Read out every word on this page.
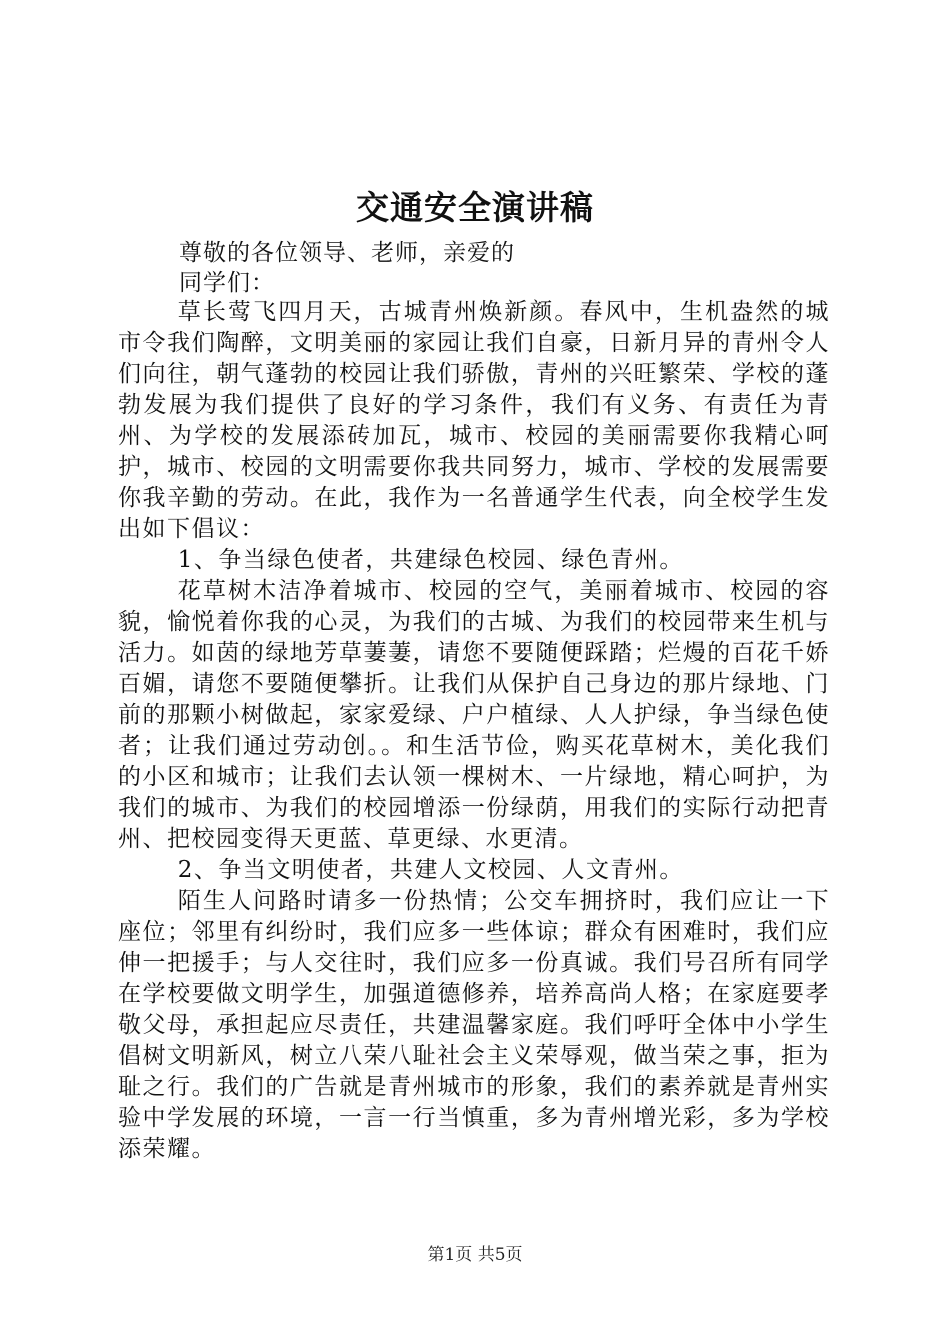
交通安全演讲稿
尊敬的各位领导、老师，亲爱的
同学们：

草长莺飞四月天，古城青州焕新颜。春风中，生机盎然的城市令我们陶醉，文明美丽的家园让我们自豪，日新月异的青州令人们向往，朝气蓬勃的校园让我们骄傲，青州的兴旺繁荣、学校的蓬勃发展为我们提供了良好的学习条件，我们有义务、有责任为青州、为学校的发展添砖加瓦，城市、校园的美丽需要你我精心呵护，城市、校园的文明需要你我共同努力，城市、学校的发展需要你我辛勤的劳动。在此，我作为一名普通学生代表，向全校学生发出如下倡议：

1、争当绿色使者，共建绿色校园、绿色青州。

花草树木洁净着城市、校园的空气，美丽着城市、校园的容貌，愉悦着你我的心灵，为我们的古城、为我们的校园带来生机与活力。如茵的绿地芳草萋萋，请您不要随便踩踏；烂熳的百花千娇百媚，请您不要随便攀折。让我们从保护自己身边的那片绿地、门前的那颗小树做起，家家爱绿、户户植绿、人人护绿，争当绿色使者；让我们通过劳动创。。和生活节俭，购买花草树木，美化我们的小区和城市；让我们去认领一棵树木、一片绿地，精心呵护，为我们的城市、为我们的校园增添一份绿荫，用我们的实际行动把青州、把校园变得天更蓝、草更绿、水更清。

2、争当文明使者，共建人文校园、人文青州。

陌生人问路时请多一份热情；公交车拥挤时，我们应让一下座位；邻里有纠纷时，我们应多一些体谅；群众有困难时，我们应伸一把援手；与人交往时，我们应多一份真诚。我们号召所有同学在学校要做文明学生，加强道德修养，培养高尚人格；在家庭要孝敬父母，承担起应尽责任，共建温馨家庭。我们呼吁全体中小学生倡树文明新风，树立八荣八耻社会主义荣辱观，做当荣之事，拒为耻之行。我们的广告就是青州城市的形象，我们的素养就是青州实验中学发展的环境，一言一行当慎重，多为青州增光彩，多为学校添荣耀。

第1页 共5页
